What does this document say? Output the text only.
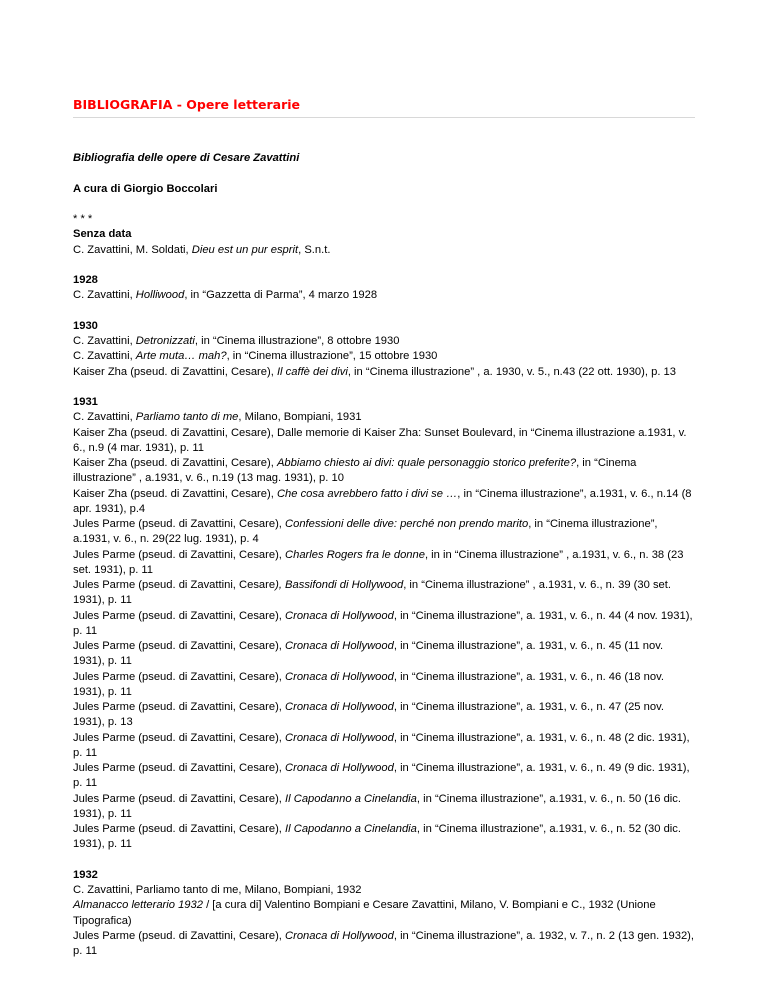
BIBLIOGRAFIA - Opere letterarie

Bibliografia delle opere di Cesare Zavattini

A cura di Giorgio Boccolari

* * *

Senza data

C. Zavattini, M. Soldati, Dieu est un pur esprit, S.n.t.

1928

C. Zavattini, Holliwood, in “Gazzetta di Parma”, 4 marzo 1928

1930

C. Zavattini, Detronizzati, in “Cinema illustrazione”, 8 ottobre 1930

C. Zavattini, Arte muta… mah?, in “Cinema illustrazione”, 15 ottobre 1930

Kaiser Zha (pseud. di Zavattini, Cesare), Il caffè dei divi, in “Cinema illustrazione” , a. 1930, v. 5., n.43 (22 ott. 1930), p. 13

1931

C. Zavattini, Parliamo tanto di me, Milano, Bompiani, 1931

Kaiser Zha (pseud. di Zavattini, Cesare), Dalle memorie di Kaiser Zha: Sunset Boulevard, in “Cinema illustrazione a.1931, v. 6., n.9 (4 mar. 1931), p. 11

Kaiser Zha (pseud. di Zavattini, Cesare), Abbiamo chiesto ai divi: quale personaggio storico preferite?, in “Cinema illustrazione” , a.1931, v. 6., n.19 (13 mag. 1931), p. 10

Kaiser Zha (pseud. di Zavattini, Cesare), Che cosa avrebbero fatto i divi se …, in “Cinema illustrazione”, a.1931, v. 6., n.14 (8 apr. 1931), p.4

Jules Parme (pseud. di Zavattini, Cesare), Confessioni delle dive: perché non prendo marito, in “Cinema illustrazione”, a.1931, v. 6., n. 29(22 lug. 1931), p. 4

Jules Parme (pseud. di Zavattini, Cesare), Charles Rogers fra le donne, in in “Cinema illustrazione” , a.1931, v. 6., n. 38 (23 set. 1931), p. 11

Jules Parme (pseud. di Zavattini, Cesare), Bassifondi di Hollywood, in “Cinema illustrazione” , a.1931, v. 6., n. 39 (30 set. 1931), p. 11

Jules Parme (pseud. di Zavattini, Cesare), Cronaca di Hollywood, in “Cinema illustrazione”, a. 1931, v. 6., n. 44 (4 nov. 1931), p. 11

Jules Parme (pseud. di Zavattini, Cesare), Cronaca di Hollywood, in “Cinema illustrazione”, a. 1931, v. 6., n. 45 (11 nov. 1931), p. 11

Jules Parme (pseud. di Zavattini, Cesare), Cronaca di Hollywood, in “Cinema illustrazione”, a. 1931, v. 6., n. 46 (18 nov. 1931), p. 11

Jules Parme (pseud. di Zavattini, Cesare), Cronaca di Hollywood, in “Cinema illustrazione”, a. 1931, v. 6., n. 47 (25 nov. 1931), p. 13

Jules Parme (pseud. di Zavattini, Cesare), Cronaca di Hollywood, in “Cinema illustrazione”, a. 1931, v. 6., n. 48 (2 dic. 1931), p. 11

Jules Parme (pseud. di Zavattini, Cesare), Cronaca di Hollywood, in “Cinema illustrazione”, a. 1931, v. 6., n. 49 (9 dic. 1931), p. 11

Jules Parme (pseud. di Zavattini, Cesare), Il Capodanno a Cinelandia, in “Cinema illustrazione”, a.1931, v. 6., n. 50 (16 dic. 1931), p. 11

Jules Parme (pseud. di Zavattini, Cesare), Il Capodanno a Cinelandia, in “Cinema illustrazione”, a.1931, v. 6., n. 52 (30 dic. 1931), p. 11

1932

C. Zavattini, Parliamo tanto di me, Milano, Bompiani, 1932

Almanacco letterario 1932 / [a cura di] Valentino Bompiani e Cesare Zavattini, Milano, V. Bompiani e C., 1932 (Unione Tipografica)

Jules Parme (pseud. di Zavattini, Cesare), Cronaca di Hollywood, in “Cinema illustrazione”, a. 1932, v. 7., n. 2 (13 gen. 1932), p. 11
